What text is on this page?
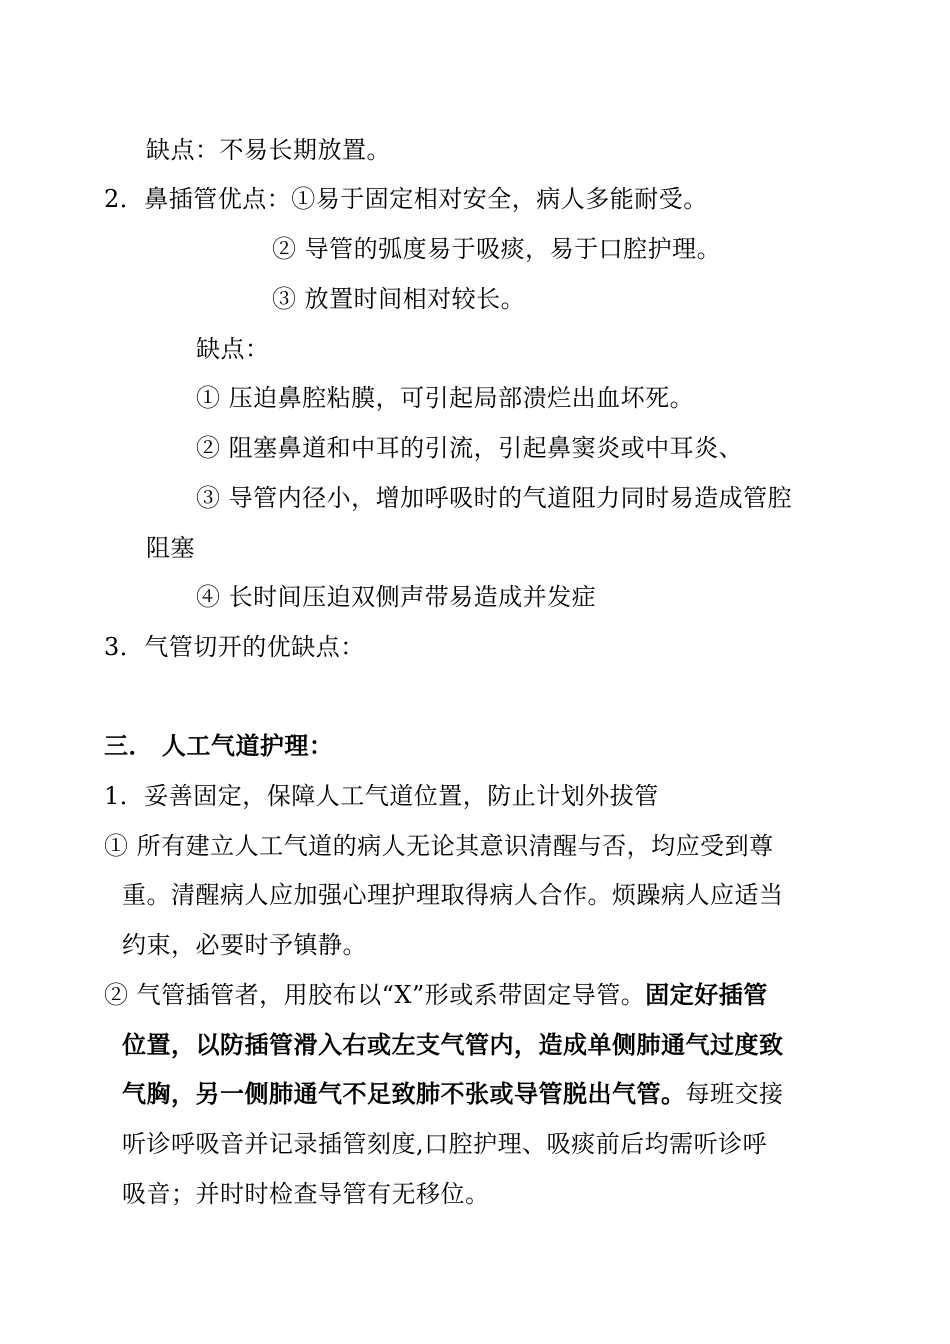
缺点：不易长期放置。
2．鼻插管优点：①易于固定相对安全，病人多能耐受。
② 导管的弧度易于吸痰，易于口腔护理。
③ 放置时间相对较长。
缺点：
① 压迫鼻腔粘膜，可引起局部溃烂出血坏死。
② 阻塞鼻道和中耳的引流，引起鼻窦炎或中耳炎、
③ 导管内径小，增加呼吸时的气道阻力同时易造成管腔
阻塞
④ 长时间压迫双侧声带易造成并发症
3．气管切开的优缺点：
三． 人工气道护理：
1．妥善固定，保障人工气道位置，防止计划外拔管
① 所有建立人工气道的病人无论其意识清醒与否，均应受到尊
重。清醒病人应加强心理护理取得病人合作。烦躁病人应适当
约束，必要时予镇静。
② 气管插管者，用胶布以“X”形或系带固定导管。固定好插管
位置，以防插管滑入右或左支气管内，造成单侧肺通气过度致
气胸，另一侧肺通气不足致肺不张或导管脱出气管。每班交接
听诊呼吸音并记录插管刻度,口腔护理、吸痰前后均需听诊呼
吸音；并时时检查导管有无移位。
